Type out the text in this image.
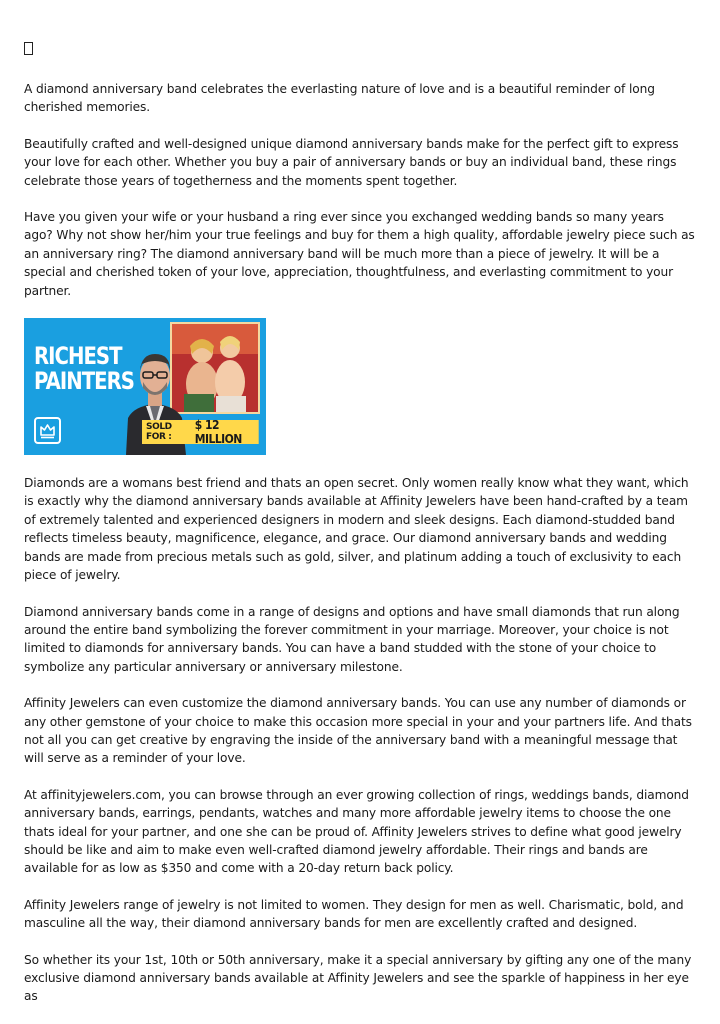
A diamond anniversary band celebrates the everlasting nature of love and is a beautiful reminder of long cherished memories.

Beautifully crafted and well-designed unique diamond anniversary bands make for the perfect gift to express your love for each other. Whether you buy a pair of anniversary bands or buy an individual band, these rings celebrate those years of togetherness and the moments spent together.

Have you given your wife or your husband a ring ever since you exchanged wedding bands so many years ago? Why not show her/him your true feelings and buy for them a high quality, affordable jewelry piece such as an anniversary ring? The diamond anniversary band will be much more than a piece of jewelry. It will be a special and cherished token of your love, appreciation, thoughtfulness, and everlasting commitment to your partner.

RICHEST
PAINTERS
SOLD FOR :
$ 12 MILLION

Diamonds are a womans best friend and thats an open secret. Only women really know what they want, which is exactly why the diamond anniversary bands available at Affinity Jewelers have been hand-crafted by a team of extremely talented and experienced designers in modern and sleek designs. Each diamond-studded band reflects timeless beauty, magnificence, elegance, and grace. Our diamond anniversary bands and wedding bands are made from precious metals such as gold, silver, and platinum adding a touch of exclusivity to each piece of jewelry.

Diamond anniversary bands come in a range of designs and options and have small diamonds that run along around the entire band symbolizing the forever commitment in your marriage. Moreover, your choice is not limited to diamonds for anniversary bands. You can have a band studded with the stone of your choice to symbolize any particular anniversary or anniversary milestone.

Affinity Jewelers can even customize the diamond anniversary bands. You can use any number of diamonds or any other gemstone of your choice to make this occasion more special in your and your partners life. And thats not all you can get creative by engraving the inside of the anniversary band with a meaningful message that will serve as a reminder of your love.

At affinityjewelers.com, you can browse through an ever growing collection of rings, weddings bands, diamond anniversary bands, earrings, pendants, watches and many more affordable jewelry items to choose the one thats ideal for your partner, and one she can be proud of. Affinity Jewelers strives to define what good jewelry should be like and aim to make even well-crafted diamond jewelry affordable. Their rings and bands are available for as low as $350 and come with a 20-day return back policy.

Affinity Jewelers range of jewelry is not limited to women. They design for men as well. Charismatic, bold, and masculine all the way, their diamond anniversary bands for men are excellently crafted and designed.

So whether its your 1st, 10th or 50th anniversary, make it a special anniversary by gifting any one of the many exclusive diamond anniversary bands available at Affinity Jewelers and see the sparkle of happiness in her eye as
